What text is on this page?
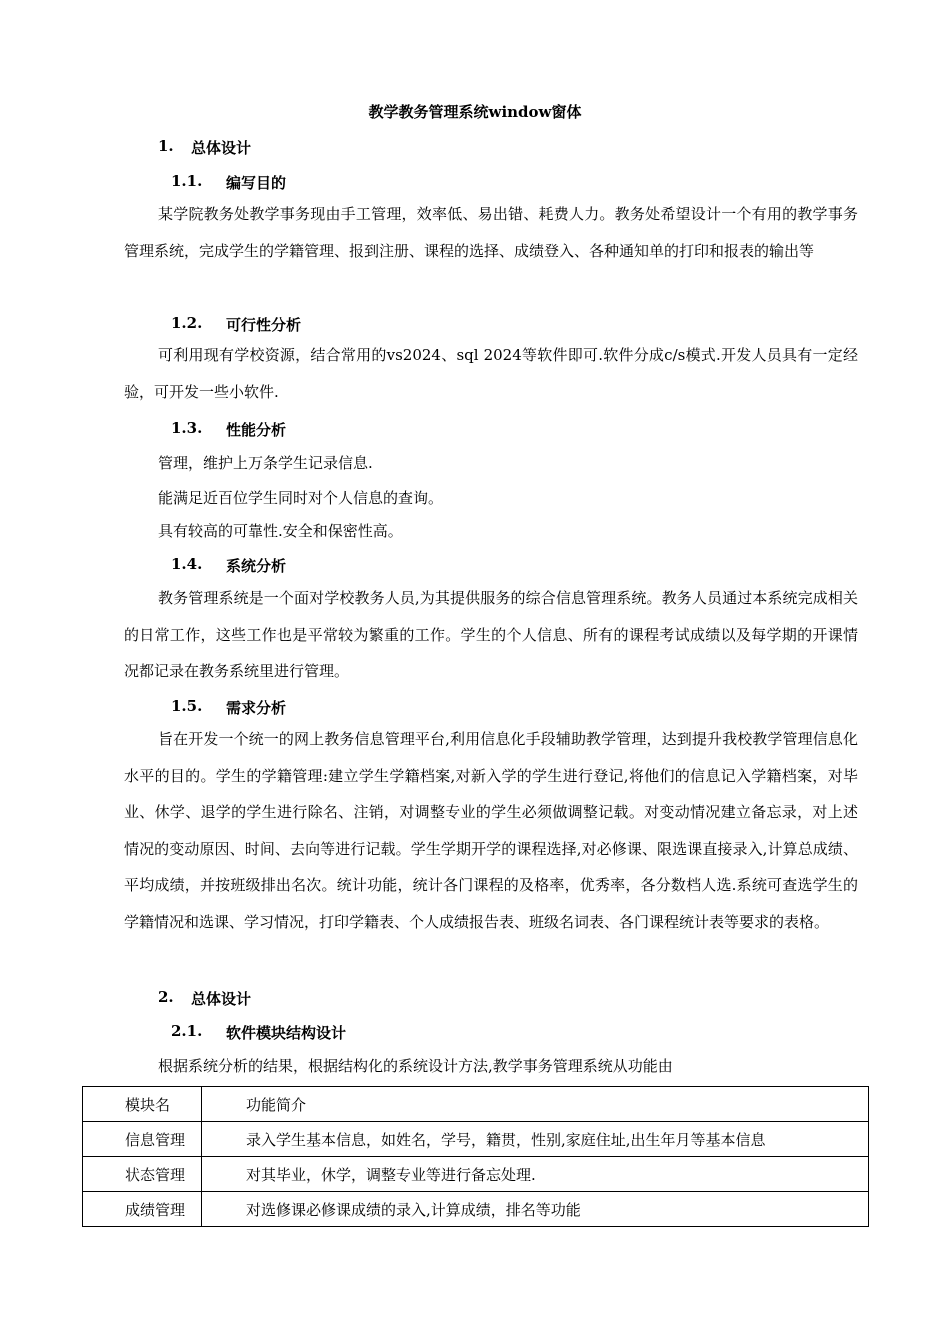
教学教务管理系统window窗体
1. 总体设计
1.1. 编写目的
某学院教务处教学事务现由手工管理，效率低、易出错、耗费人力。教务处希望设计一个有用的教学事务管理系统，完成学生的学籍管理、报到注册、课程的选择、成绩登入、各种通知单的打印和报表的输出等
1.2. 可行性分析
可利用现有学校资源，结合常用的vs2024、sql 2024等软件即可.软件分成c/s模式.开发人员具有一定经验，可开发一些小软件.
1.3. 性能分析
管理，维护上万条学生记录信息.
能满足近百位学生同时对个人信息的查询。
具有较高的可靠性.安全和保密性高。
1.4. 系统分析
教务管理系统是一个面对学校教务人员,为其提供服务的综合信息管理系统。教务人员通过本系统完成相关的日常工作，这些工作也是平常较为繁重的工作。学生的个人信息、所有的课程考试成绩以及每学期的开课情况都记录在教务系统里进行管理。
1.5. 需求分析
旨在开发一个统一的网上教务信息管理平台,利用信息化手段辅助教学管理，达到提升我校教学管理信息化水平的目的。学生的学籍管理:建立学生学籍档案,对新入学的学生进行登记,将他们的信息记入学籍档案，对毕业、休学、退学的学生进行除名、注销，对调整专业的学生必须做调整记载。对变动情况建立备忘录，对上述情况的变动原因、时间、去向等进行记载。学生学期开学的课程选择,对必修课、限选课直接录入,计算总成绩、平均成绩，并按班级排出名次。统计功能，统计各门课程的及格率，优秀率，各分数档人选.系统可查选学生的学籍情况和选课、学习情况，打印学籍表、个人成绩报告表、班级名词表、各门课程统计表等要求的表格。
2. 总体设计
2.1. 软件模块结构设计
根据系统分析的结果，根据结构化的系统设计方法,教学事务管理系统从功能由
模块名	功能简介
信息管理	录入学生基本信息，如姓名，学号，籍贯，性别,家庭住址,出生年月等基本信息
状态管理	对其毕业，休学，调整专业等进行备忘处理.
成绩管理	对选修课必修课成绩的录入,计算成绩，排名等功能
